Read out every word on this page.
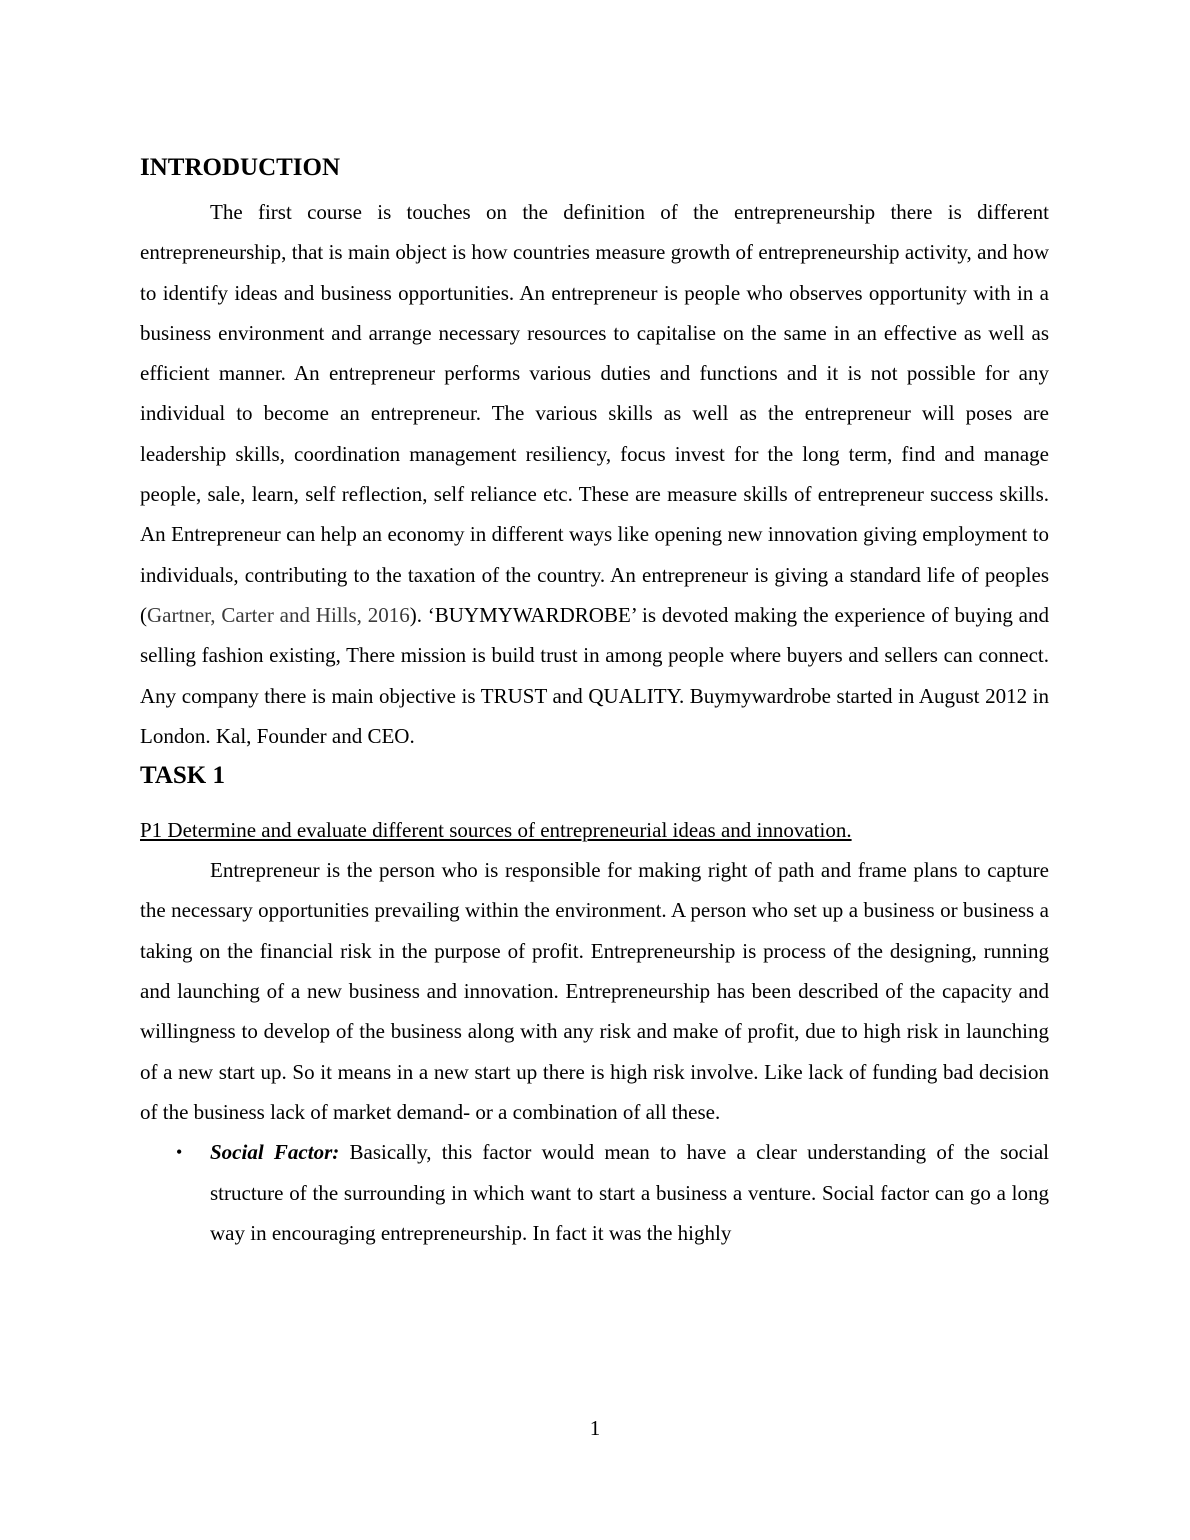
INTRODUCTION

The first course is touches on the definition of the entrepreneurship there is different entrepreneurship, that is main object is how countries measure growth of entrepreneurship activity, and how to identify ideas and business opportunities. An entrepreneur is people who observes opportunity with in a business environment and arrange necessary resources to capitalise on the same in an effective as well as efficient manner. An entrepreneur performs various duties and functions and it is not possible for any individual to become an entrepreneur. The various skills as well as the entrepreneur will poses are leadership skills, coordination management resiliency, focus invest for the long term, find and manage people, sale, learn, self reflection, self reliance etc. These are measure skills of entrepreneur success skills. An Entrepreneur can help an economy in different ways like opening new innovation giving employment to individuals, contributing to the taxation of the country. An entrepreneur is giving a standard life of peoples (Gartner, Carter and Hills, 2016). ‘BUYMYWARDROBE’ is devoted making the experience of buying and selling fashion existing, There mission is build trust in among people where buyers and sellers can connect. Any company there is main objective is TRUST and QUALITY. Buymywardrobe started in August 2012 in London. Kal, Founder and CEO.

TASK 1

P1 Determine and evaluate different sources of entrepreneurial ideas and innovation.

Entrepreneur is the person who is responsible for making right of path and frame plans to capture the necessary opportunities prevailing within the environment. A person who set up a business or business a taking on the financial risk in the purpose of profit. Entrepreneurship is process of the designing, running and launching of a new business and innovation. Entrepreneurship has been described of the capacity and willingness to develop of the business along with any risk and make of profit, due to high risk in launching of a new start up. So it means in a new start up there is high risk involve. Like lack of funding bad decision of the business lack of market demand- or a combination of all these.

• Social Factor: Basically, this factor would mean to have a clear understanding of the social structure of the surrounding in which want to start a business a venture. Social factor can go a long way in encouraging entrepreneurship. In fact it was the highly
1
